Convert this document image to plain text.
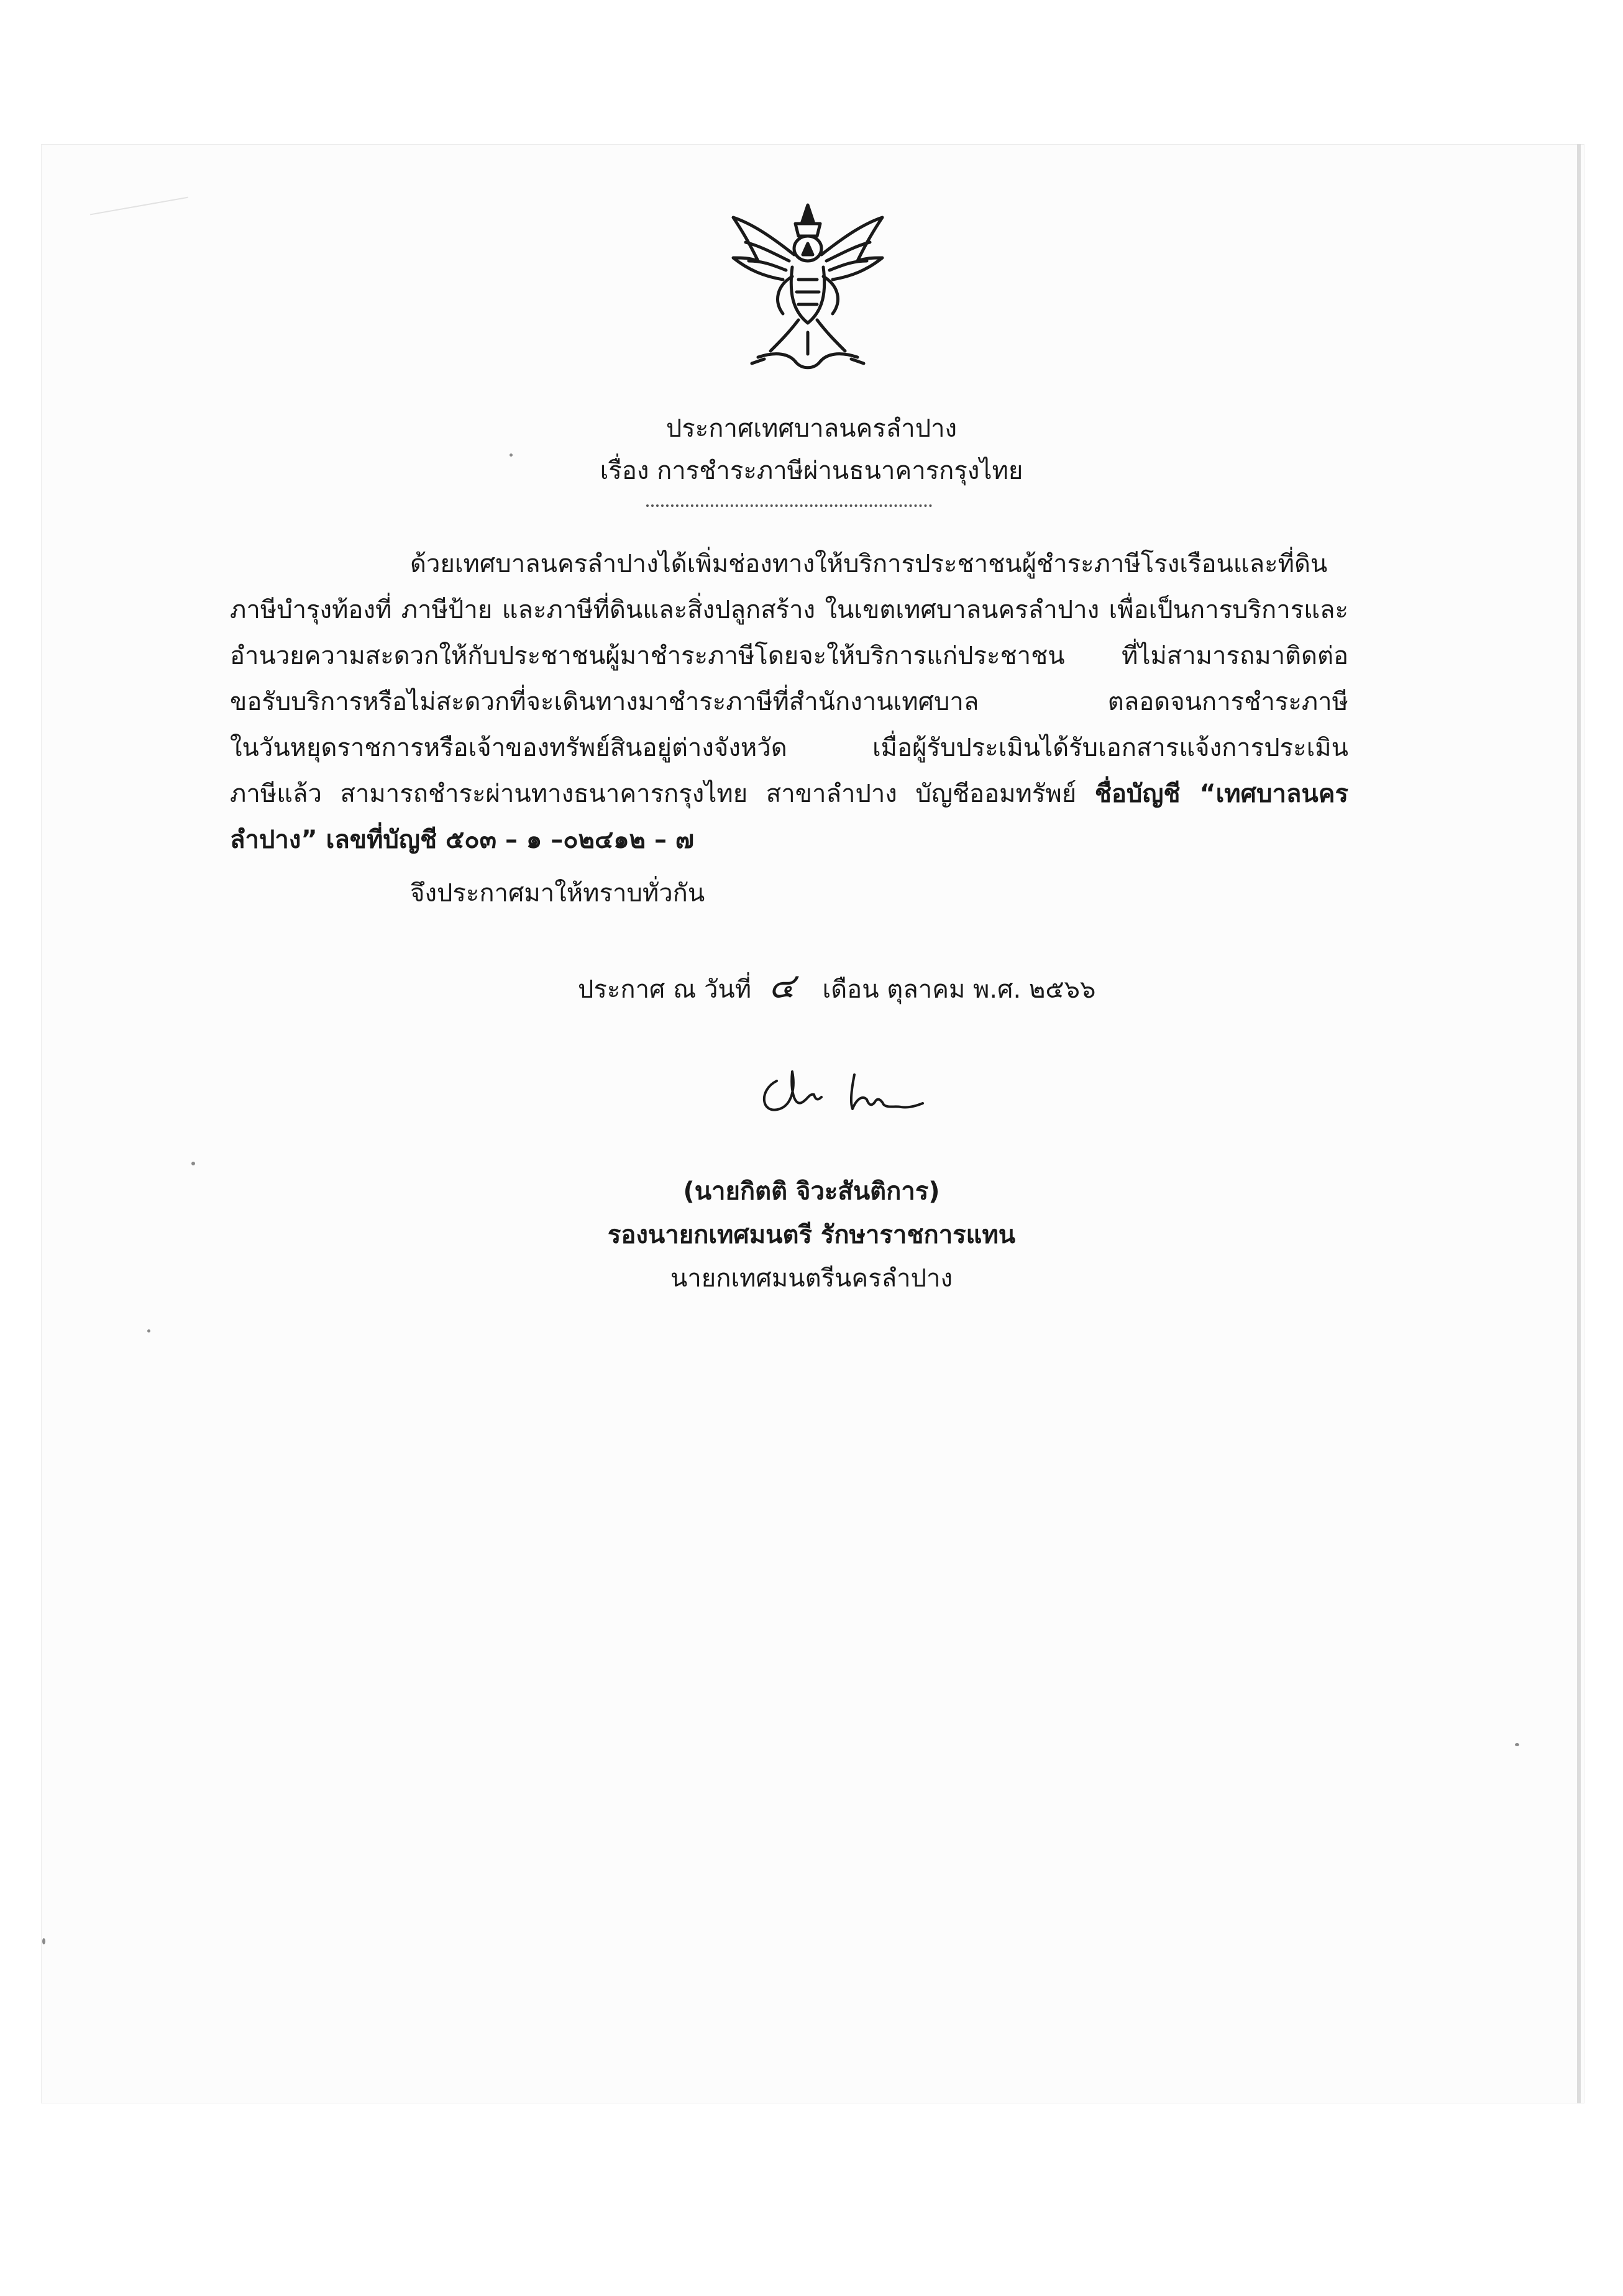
ประกาศเทศบาลนครลำปาง
เรื่อง การชำระภาษีผ่านธนาคารกรุงไทย
ด้วยเทศบาลนครลำปางได้เพิ่มช่องทางให้บริการประชาชนผู้ชำระภาษีโรงเรือนและที่ดิน
ภาษีบำรุงท้องที่ ภาษีป้าย และภาษีที่ดินและสิ่งปลูกสร้าง ในเขตเทศบาลนครลำปาง เพื่อเป็นการบริการและ
อำนวยความสะดวกให้กับประชาชนผู้มาชำระภาษีโดยจะให้บริการแก่ประชาชน ที่ไม่สามารถมาติดต่อ
ขอรับบริการหรือไม่สะดวกที่จะเดินทางมาชำระภาษีที่สำนักงานเทศบาล ตลอดจนการชำระภาษี
ในวันหยุดราชการหรือเจ้าของทรัพย์สินอยู่ต่างจังหวัด เมื่อผู้รับประเมินได้รับเอกสารแจ้งการประเมิน
ภาษีแล้ว สามารถชำระผ่านทางธนาคารกรุงไทย สาขาลำปาง บัญชีออมทรัพย์ ชื่อบัญชี “เทศบาลนคร
ลำปาง” เลขที่บัญชี ๕๐๓ – ๑ –๐๒๔๑๒ – ๗
จึงประกาศมาให้ทราบทั่วกัน
ประกาศ ณ วันที่ ๔ เดือน ตุลาคม พ.ศ. ๒๕๖๖
(นายกิตติ จิวะสันติการ)
รองนายกเทศมนตรี รักษาราชการแทน
นายกเทศมนตรีนครลำปาง
